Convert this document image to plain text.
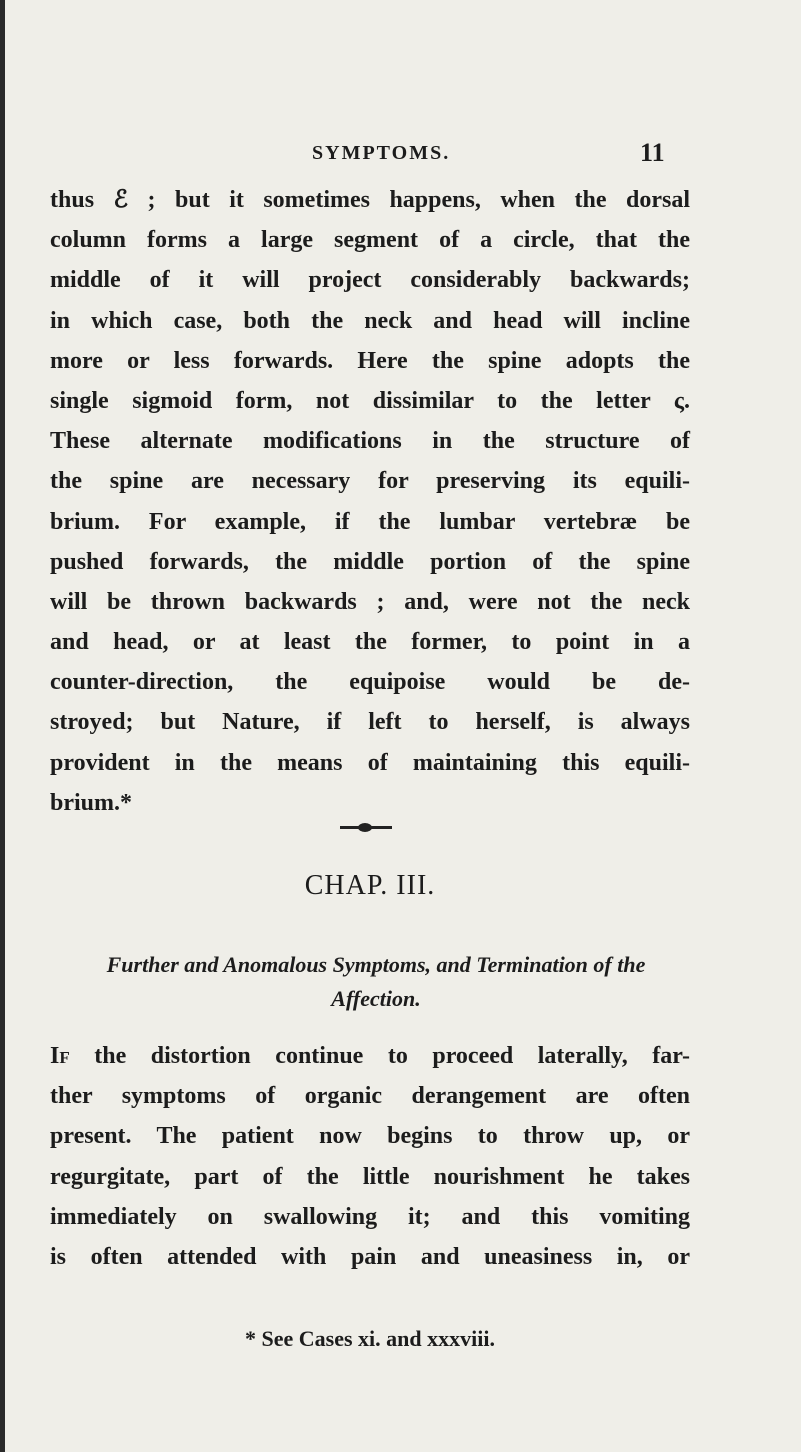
SYMPTOMS.	11
thus ℰ ; but it sometimes happens, when the dorsal
column forms a large segment of a circle, that the
middle of it will project considerably backwards;
in which case, both the neck and head will incline
more or less forwards. Here the spine adopts the
single sigmoid form, not dissimilar to the letter ς.
These alternate modifications in the structure of
the spine are necessary for preserving its equili-
brium. For example, if the lumbar vertebræ be
pushed forwards, the middle portion of the spine
will be thrown backwards ; and, were not the neck
and head, or at least the former, to point in a
counter-direction, the equipoise would be de-
stroyed; but Nature, if left to herself, is always
provident in the means of maintaining this equili-
brium.*
CHAP. III.
Further and Anomalous Symptoms, and Termination of the
Affection.
If the distortion continue to proceed laterally, far-
ther symptoms of organic derangement are often
present. The patient now begins to throw up, or
regurgitate, part of the little nourishment he takes
immediately on swallowing it; and this vomiting
is often attended with pain and uneasiness in, or
* See Cases xi. and xxxviii.
